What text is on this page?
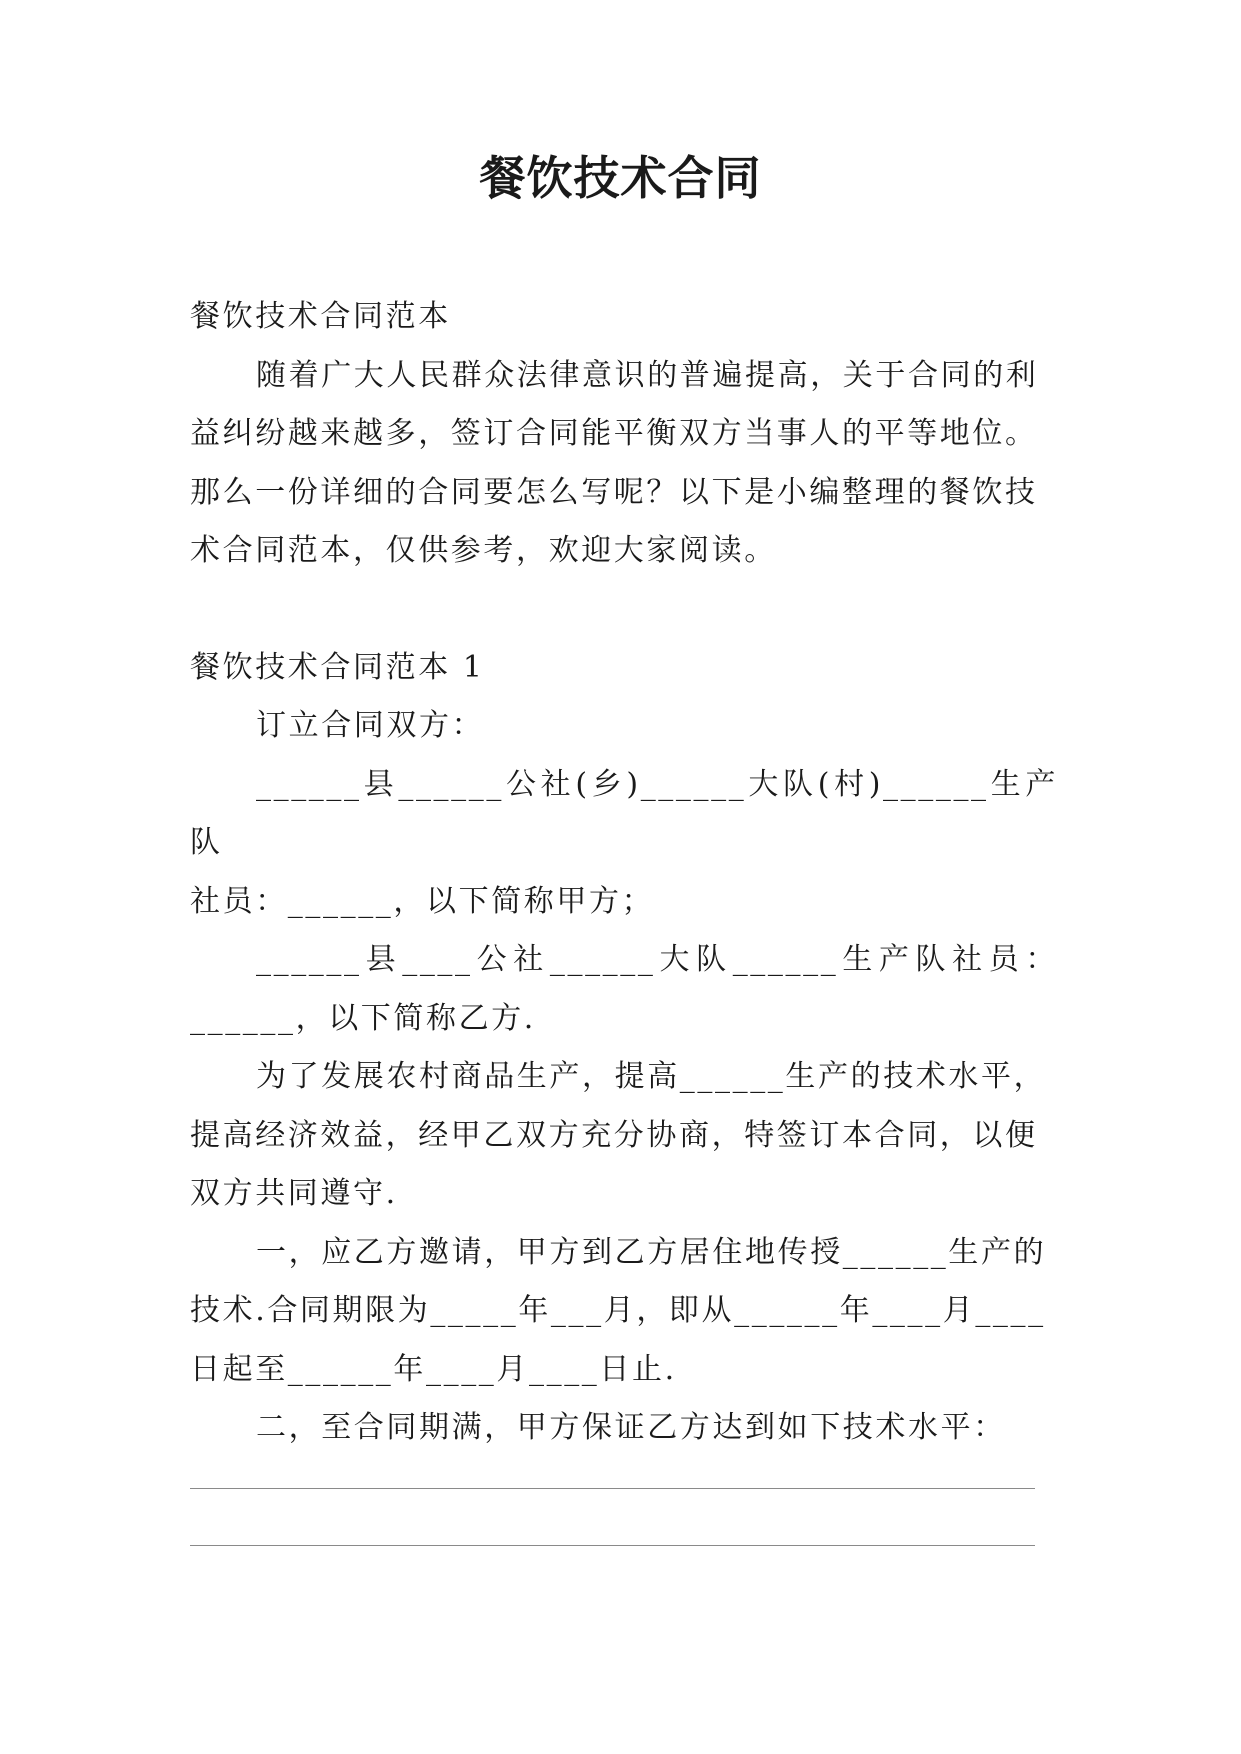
餐饮技术合同

餐饮技术合同范本

随着广大人民群众法律意识的普遍提高，关于合同的利益纠纷越来越多，签订合同能平衡双方当事人的平等地位。那么一份详细的合同要怎么写呢？以下是小编整理的餐饮技术合同范本，仅供参考，欢迎大家阅读。

餐饮技术合同范本 1

订立合同双方：

______县______公社(乡)______大队(村)______生产队

社员：______，以下简称甲方；

______县____公社______大队______生产队社员：

______，以下简称乙方.

为了发展农村商品生产，提高______生产的技术水平，提高经济效益，经甲乙双方充分协商，特签订本合同，以便双方共同遵守.

一，应乙方邀请，甲方到乙方居住地传授______生产的技术.合同期限为_____年___月，即从______年____月____日起至______年____月____日止.

二，至合同期满，甲方保证乙方达到如下技术水平：
